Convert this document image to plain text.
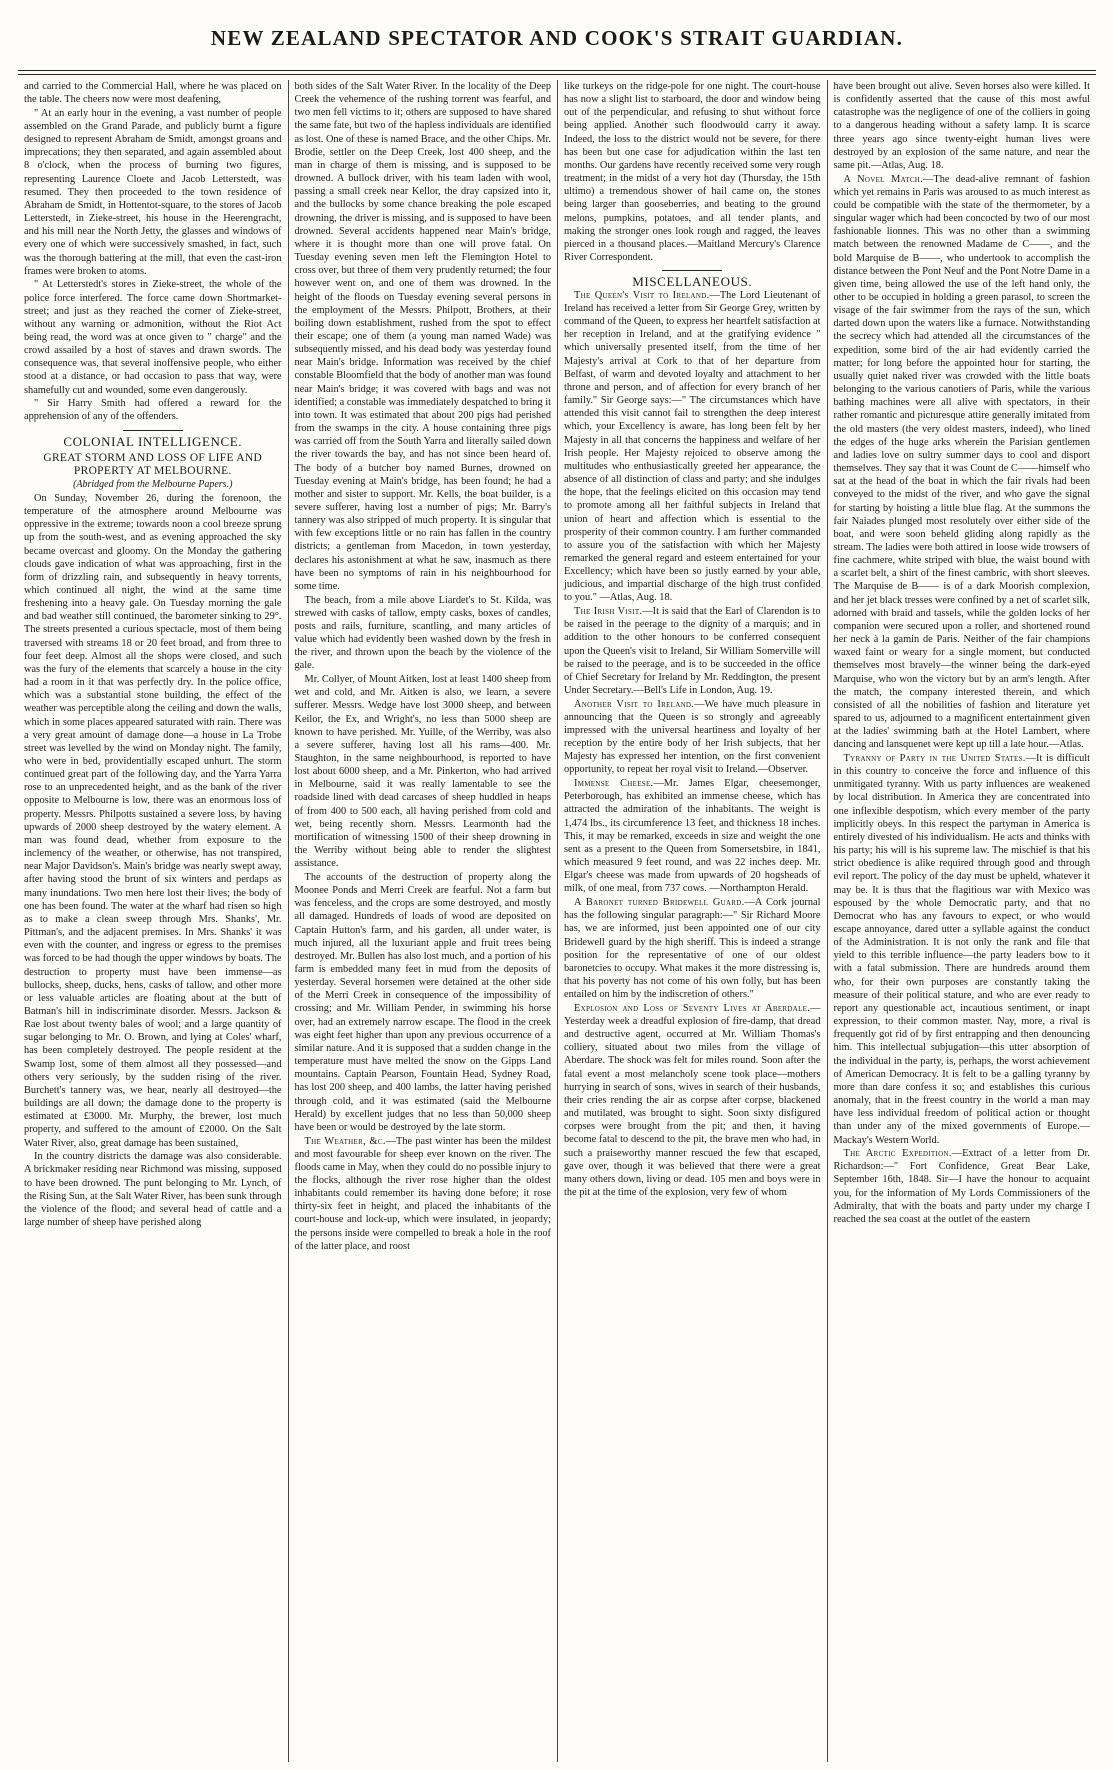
NEW ZEALAND SPECTATOR AND COOK'S STRAIT GUARDIAN.

and carried to the Commercial Hall, where he was placed on the table. The cheers now were most deafening,

" At an early hour in the evening, a vast number of people assembled on the Grand Parade, and publicly burnt a figure designed to represent Abraham de Smidt, amongst groans and imprecations; they then separated, and again assembled about 8 o'clock, when the process of burning two figures, representing Laurence Cloete and Jacob Letterstedt, was resumed. They then proceeded to the town residence of Abraham de Smidt, in Hottentot-square, to the stores of Jacob Letterstedt, in Zieke-street, his house in the Heerengracht, and his mill near the North Jetty, the glasses and windows of every one of which were successively smashed, in fact, such was the thorough battering at the mill, that even the cast-iron frames were broken to atoms.

" At Letterstedt's stores in Zieke-street, the whole of the police force interfered. The force came down Shortmarket-street; and just as they reached the corner of Zieke-street, without any warning or admonition, without the Riot Act being read, the word was at once given to " charge" and the crowd assailed by a host of staves and drawn swords. The consequence was, that several inoffensive people, who either stood at a distance, or had occasion to pass that way, were shamefully cut and wounded, some even dangerously.

" Sir Harry Smith had offered a reward for the apprehension of any of the offenders.

COLONIAL INTELLIGENCE.

GREAT STORM AND LOSS OF LIFE AND PROPERTY AT MELBOURNE.

(Abridged from the Melbourne Papers.)

On Sunday, November 26, during the forenoon, the temperature of the atmosphere around Melbourne was oppressive in the extreme; towards noon a cool breeze sprung up from the south-west, and as evening approached the sky became overcast and gloomy. On the Monday the gathering clouds gave indication of what was approaching, first in the form of drizzling rain, and subsequently in heavy torrents, which continued all night, the wind at the same time freshening into a heavy gale. On Tuesday morning the gale and bad weather still continued, the barometer sinking to 29°. The streets presented a curious spectacle, most of them being traversed with streams 18 or 20 feet broad, and from three to four feet deep. Almost all the shops were closed, and such was the fury of the elements that scarcely a house in the city had a room in it that was perfectly dry. In the police office, which was a substantial stone building, the effect of the weather was perceptible along the ceiling and down the walls, which in some places appeared saturated with rain. There was a very great amount of damage done—a house in La Trobe street was levelled by the wind on Monday night. The family, who were in bed, providentially escaped unhurt. The storm continued great part of the following day, and the Yarra Yarra rose to an unprecedented height, and as the bank of the river opposite to Melbourne is low, there was an enormous loss of property. Messrs. Philpotts sustained a severe loss, by having upwards of 2000 sheep destroyed by the watery element. A man was found dead, whether from exposure to the inclemency of the weather, or otherwise, has not transpired, near Major Davidson's. Main's bridge was nearly swept away, after having stood the brunt of six winters and perdaps as many inundations. Two men here lost their lives; the body of one has been found. The water at the wharf had risen so high as to make a clean sweep through Mrs. Shanks', Mr. Pittman's, and the adjacent premises. In Mrs. Shanks' it was even with the counter, and ingress or egress to the premises was forced to be had though the upper windows by boats. The destruction to property must have been immense—as bullocks, sheep, ducks, hens, casks of tallow, and other more or less valuable articles are floating about at the butt of Batman's hill in indiscriminate disorder. Messrs. Jackson & Rae lost about twenty bales of wool; and a large quantity of sugar belonging to Mr. O. Brown, and lying at Coles' wharf, has been completely destroyed. The people resident at the Swamp lost, some of them almost all they possessed—and others very seriously, by the sudden rising of the river. Burchett's tannery was, we hear, nearly all destroyed—the buildings are all down; the damage done to the property is estimated at £3000. Mr. Murphy, the brewer, lost much property, and suffered to the amount of £2000. On the Salt Water River, also, great damage has been sustained,

In the country districts the damage was also considerable. A brickmaker residing near Richmond was missing, supposed to have been drowned. The punt belonging to Mr. Lynch, of the Rising Sun, at the Salt Water River, has been sunk through the violence of the flood; and several head of cattle and a large number of sheep have perished along

both sides of the Salt Water River. In the locality of the Deep Creek the vehemence of the rushing torrent was fearful, and two men fell victims to it; others are supposed to have shared the same fate, but two of the hapless individuals are identified as lost. One of these is named Brace, and the other Chips. Mr. Brodie, settler on the Deep Creek, lost 400 sheep, and the man in charge of them is missing, and is supposed to be drowned. A bullock driver, with his team laden with wool, passing a small creek near Kellor, the dray capsized into it, and the bullocks by some chance breaking the pole escaped drowning, the driver is missing, and is supposed to have been drowned. Several accidents happened near Main's bridge, where it is thought more than one will prove fatal. On Tuesday evening seven men left the Flemington Hotel to cross over, but three of them very prudently returned; the four however went on, and one of them was drowned. In the height of the floods on Tuesday evening several persons in the employment of the Messrs. Philpott, Brothers, at their boiling down establishment, rushed from the spot to effect their escape; one of them (a young man named Wade) was subsequently missed, and his dead body was yesterday found near Main's bridge. Information was received by the chief constable Bloomfield that the body of another man was found near Main's bridge; it was covered with bags and was not identified; a constable was immediately despatched to bring it into town. It was estimated that about 200 pigs had perished from the swamps in the city. A house containing three pigs was carried off from the South Yarra and literally sailed down the river towards the bay, and has not since been heard of. The body of a butcher boy named Burnes, drowned on Tuesday evening at Main's bridge, has been found; he had a mother and sister to support. Mr. Kells, the boat builder, is a severe sufferer, having lost a number of pigs; Mr. Barry's tannery was also stripped of much property. It is singular that with few exceptions little or no rain has fallen in the country districts; a gentleman from Macedon, in town yesterday, declares his astonishment at what he saw, inasmuch as there have been no symptoms of rain in his neighbourhood for some time.

The beach, from a mile above Liardet's to St. Kilda, was strewed with casks of tallow, empty casks, boxes of candles, posts and rails, furniture, scantling, and many articles of value which had evidently been washed down by the fresh in the river, and thrown upon the beach by the violence of the gale.

Mr. Collyer, of Mount Aitken, lost at least 1400 sheep from wet and cold, and Mr. Aitken is also, we learn, a severe sufferer. Messrs. Wedge have lost 3000 sheep, and between Keilor, the Ex, and Wright's, no less than 5000 sheep are known to have perished. Mr. Yuille, of the Werriby, was also a severe sufferer, having lost all his rams—400. Mr. Staughton, in the same neighbourhood, is reported to have lost about 6000 sheep, and a Mr. Pinkerton, who had arrived in Melbourne, said it was really lamentable to see the roadside lined with dead carcases of sheep huddled in heaps of from 400 to 500 each, all having perished from cold and wet, being recently shorn. Messrs. Learmonth had the mortification of witnessing 1500 of their sheep drowning in the Werriby without being able to render the slightest assistance.

The accounts of the destruction of property along the Moonee Ponds and Merri Creek are fearful. Not a farm but was fenceless, and the crops are some destroyed, and mostly all damaged. Hundreds of loads of wood are deposited on Captain Hutton's farm, and his garden, all under water, is much injured, all the luxuriant apple and fruit trees being destroyed. Mr. Bullen has also lost much, and a portion of his farm is embedded many feet in mud from the deposits of yesterday. Several horsemen were detained at the other side of the Merri Creek in consequence of the impossibility of crossing; and Mr. William Pender, in swimming his horse over, had an extremely narrow escape. The flood in the creek was eight feet higher than upon any previous occurrence of a similar nature. And it is supposed that a sudden change in the temperature must have melted the snow on the Gipps Land mountains. Captain Pearson, Fountain Head, Sydney Road, has lost 200 sheep, and 400 lambs, the latter having perished through cold, and it was estimated (said the Melbourne Herald) by excellent judges that no less than 50,000 sheep have been or would be destroyed by the late storm.

The Weather, &c.—The past winter has been the mildest and most favourable for sheep ever known on the river. The floods came in May, when they could do no possible injury to the flocks, although the river rose higher than the oldest inhabitants could remember its having done before; it rose thirty-six feet in height, and placed the inhabitants of the court-house and lock-up, which were insulated, in jeopardy; the persons inside were compelled to break a hole in the roof of the latter place, and roost

like turkeys on the ridge-pole for one night. The court-house has now a slight list to starboard, the door and window being out of the perpendicular, and refusing to shut without force being applied. Another such floodwould carry it away. Indeed, the loss to the district would not be severe, for there has been but one case for adjudication within the last ten months. Our gardens have recently received some very rough treatment; in the midst of a very hot day (Thursday, the 15th ultimo) a tremendous shower of hail came on, the stones being larger than gooseberries, and beating to the ground melons, pumpkins, potatoes, and all tender plants, and making the stronger ones look rough and ragged, the leaves pierced in a thousand places.—Maitland Mercury's Clarence River Correspondent.

MISCELLANEOUS.

The Queen's Visit to Ireland.—The Lord Lieutenant of Ireland has received a letter from Sir George Grey, written by command of the Queen, to express her heartfelt satisfaction at her reception in Ireland, and at the gratifying evidence " which universally presented itself, from the time of her Majesty's arrival at Cork to that of her departure from Belfast, of warm and devoted loyalty and attachment to her throne and person, and of affection for every branch of her family." Sir George says:—" The circumstances which have attended this visit cannot fail to strengthen the deep interest which, your Excellency is aware, has long been felt by her Majesty in all that concerns the happiness and welfare of her Irish people. Her Majesty rejoiced to observe among the multitudes who enthusiastically greeted her appearance, the absence of all distinction of class and party; and she indulges the hope, that the feelings elicited on this occasion may tend to promote among all her faithful subjects in Ireland that union of heart and affection which is essential to the prosperity of their common country. I am further commanded to assure you of the satisfaction with which her Majesty remarked the general regard and esteem entertained for your Excellency; which have been so justly earned by your able, judicious, and impartial discharge of the high trust confided to you." —Atlas, Aug. 18.

The Irish Visit.—It is said that the Earl of Clarendon is to be raised in the peerage to the dignity of a marquis; and in addition to the other honours to be conferred consequent upon the Queen's visit to Ireland, Sir William Somerville will be raised to the peerage, and is to be succeeded in the office of Chief Secretary for Ireland by Mr. Reddington, the present Under Secretary.—Bell's Life in London, Aug. 19.

Another Visit to Ireland.—We have much pleasure in announcing that the Queen is so strongly and agreeably impressed with the universal heartiness and loyalty of her reception by the entire body of her Irish subjects, that her Majesty has expressed her intention, on the first convenient opportunity, to repeat her royal visit to Ireland.—Observer.

Immense Cheese.—Mr. James Elgar, cheesemonger, Peterborough, has exhibited an immense cheese, which has attracted the admiration of the inhabitants. The weight is 1,474 lbs., its circumference 13 feet, and thickness 18 inches. This, it may be remarked, exceeds in size and weight the one sent as a present to the Queen from Somersetsbire, in 1841, which measured 9 feet round, and was 22 inches deep. Mr. Elgar's cheese was made from upwards of 20 hogsheads of milk, of one meal, from 737 cows. —Northampton Herald.

A Baronet turned Bridewell Guard.—A Cork journal has the following singular paragraph:—" Sir Richard Moore has, we are informed, just been appointed one of our city Bridewell guard by the high sheriff. This is indeed a strange position for the representative of one of our oldest baronetcies to occupy. What makes it the more distressing is, that his poverty has not come of his own folly, but has been entailed on him by the indiscretion of others."

Explosion and Loss of Seventy Lives at Aberdale.—Yesterday week a dreadful explosion of fire-damp, that dread and destructive agent, occurred at Mr. William Thomas's colliery, situated about two miles from the village of Aberdare. The shock was felt for miles round. Soon after the fatal event a most melancholy scene took place—mothers hurrying in search of sons, wives in search of their husbands, their cries rending the air as corpse after corpse, blackened and mutilated, was brought to sight. Soon sixty disfigured corpses were brought from the pit; and then, it having become fatal to descend to the pit, the brave men who had, in such a praiseworthy manner rescued the few that escaped, gave over, though it was believed that there were a great many others down, living or dead. 105 men and boys were in the pit at the time of the explosion, very few of whom

have been brought out alive. Seven horses also were killed. It is confidently asserted that the cause of this most awful catastrophe was the negligence of one of the colliers in going to a dangerous heading without a safety lamp. It is scarce three years ago since twenty-eight human lives were destroyed by an explosion of the same nature, and near the same pit.—Atlas, Aug. 18.

A Novel Match.—The dead-alive remnant of fashion which yet remains in Paris was aroused to as much interest as could be compatible with the state of the thermometer, by a singular wager which had been concocted by two of our most fashionable lionnes. This was no other than a swimming match between the renowned Madame de C——, and the bold Marquise de B——, who undertook to accomplish the distance between the Pont Neuf and the Pont Notre Dame in a given time, being allowed the use of the left hand only, the other to be occupied in holding a green parasol, to screen the visage of the fair swimmer from the rays of the sun, which darted down upon the waters like a furnace. Notwithstanding the secrecy which had attended all the circumstances of the expedition, some bird of the air had evidently carried the matter; for long before the appointed hour for starting, the usually quiet naked river was crowded with the little boats belonging to the various canotiers of Paris, while the various bathing machines were all alive with spectators, in their rather romantic and picturesque attire generally imitated from the old masters (the very oldest masters, indeed), who lined the edges of the huge arks wherein the Parisian gentlemen and ladies love on sultry summer days to cool and disport themselves. They say that it was Count de C——himself who sat at the head of the boat in which the fair rivals had been conveyed to the midst of the river, and who gave the signal for starting by hoisting a little blue flag. At the summons the fair Naiades plunged most resolutely over either side of the boat, and were soon beheld gliding along rapidly as the stream. The ladies were both attired in loose wide trowsers of fine cachmere, white striped with blue, the waist bound with a scarlet belt, a shirt of the finest cambric, with short sleeves. The Marquise de B—— is of a dark Moorish complexion, and her jet black tresses were confined by a net of scarlet silk, adorned with braid and tassels, while the golden locks of her companion were secured upon a roller, and shortened round her neck à la gamin de Paris. Neither of the fair champions waxed faint or weary for a single moment, but conducted themselves most bravely—the winner being the dark-eyed Marquise, who won the victory but by an arm's length. After the match, the company interested therein, and which consisted of all the nobilities of fashion and literature yet spared to us, adjourned to a magnificent entertainment given at the ladies' swimming bath at the Hotel Lambert, where dancing and lansquenet were kept up till a late hour.—Atlas.

Tyranny of Party in the United States.—It is difficult in this country to conceive the force and influence of this unmitigated tyranny. With us party influences are weakened by local distribution. In America they are concentrated into one inflexible despotism, which every member of the party implicitly obeys. In this respect the partyman in America is entirely divested of his individualism. He acts and thinks with his party; his will is his supreme law. The mischief is that his strict obedience is alike required through good and through evil report. The policy of the day must be upheld, whatever it may be. It is thus that the flagitious war with Mexico was espoused by the whole Democratic party, and that no Democrat who has any favours to expect, or who would escape annoyance, dared utter a syllable against the conduct of the Administration. It is not only the rank and file that yield to this terrible influence—the party leaders bow to it with a fatal submission. There are hundreds around them who, for their own purposes are constantly taking the measure of their political stature, and who are ever ready to report any questionable act, incautious sentiment, or inapt expression, to their common master. Nay, more, a rival is frequently got rid of by first entrapping and then denouncing him. This intellectual subjugation—this utter absorption of the individual in the party, is, perhaps, the worst achievement of American Democracy. It is felt to be a galling tyranny by more than dare confess it so; and establishes this curious anomaly, that in the freest country in the world a man may have less individual freedom of political action or thought than under any of the mixed governments of Europe.—Mackay's Western World.

The Arctic Expedition.—Extract of a letter from Dr. Richardson:—" Fort Confidence, Great Bear Lake, September 16th, 1848. Sir—I have the honour to acquaint you, for the information of My Lords Commissioners of the Admiralty, that with the boats and party under my charge I reached the sea coast at the outlet of the eastern
